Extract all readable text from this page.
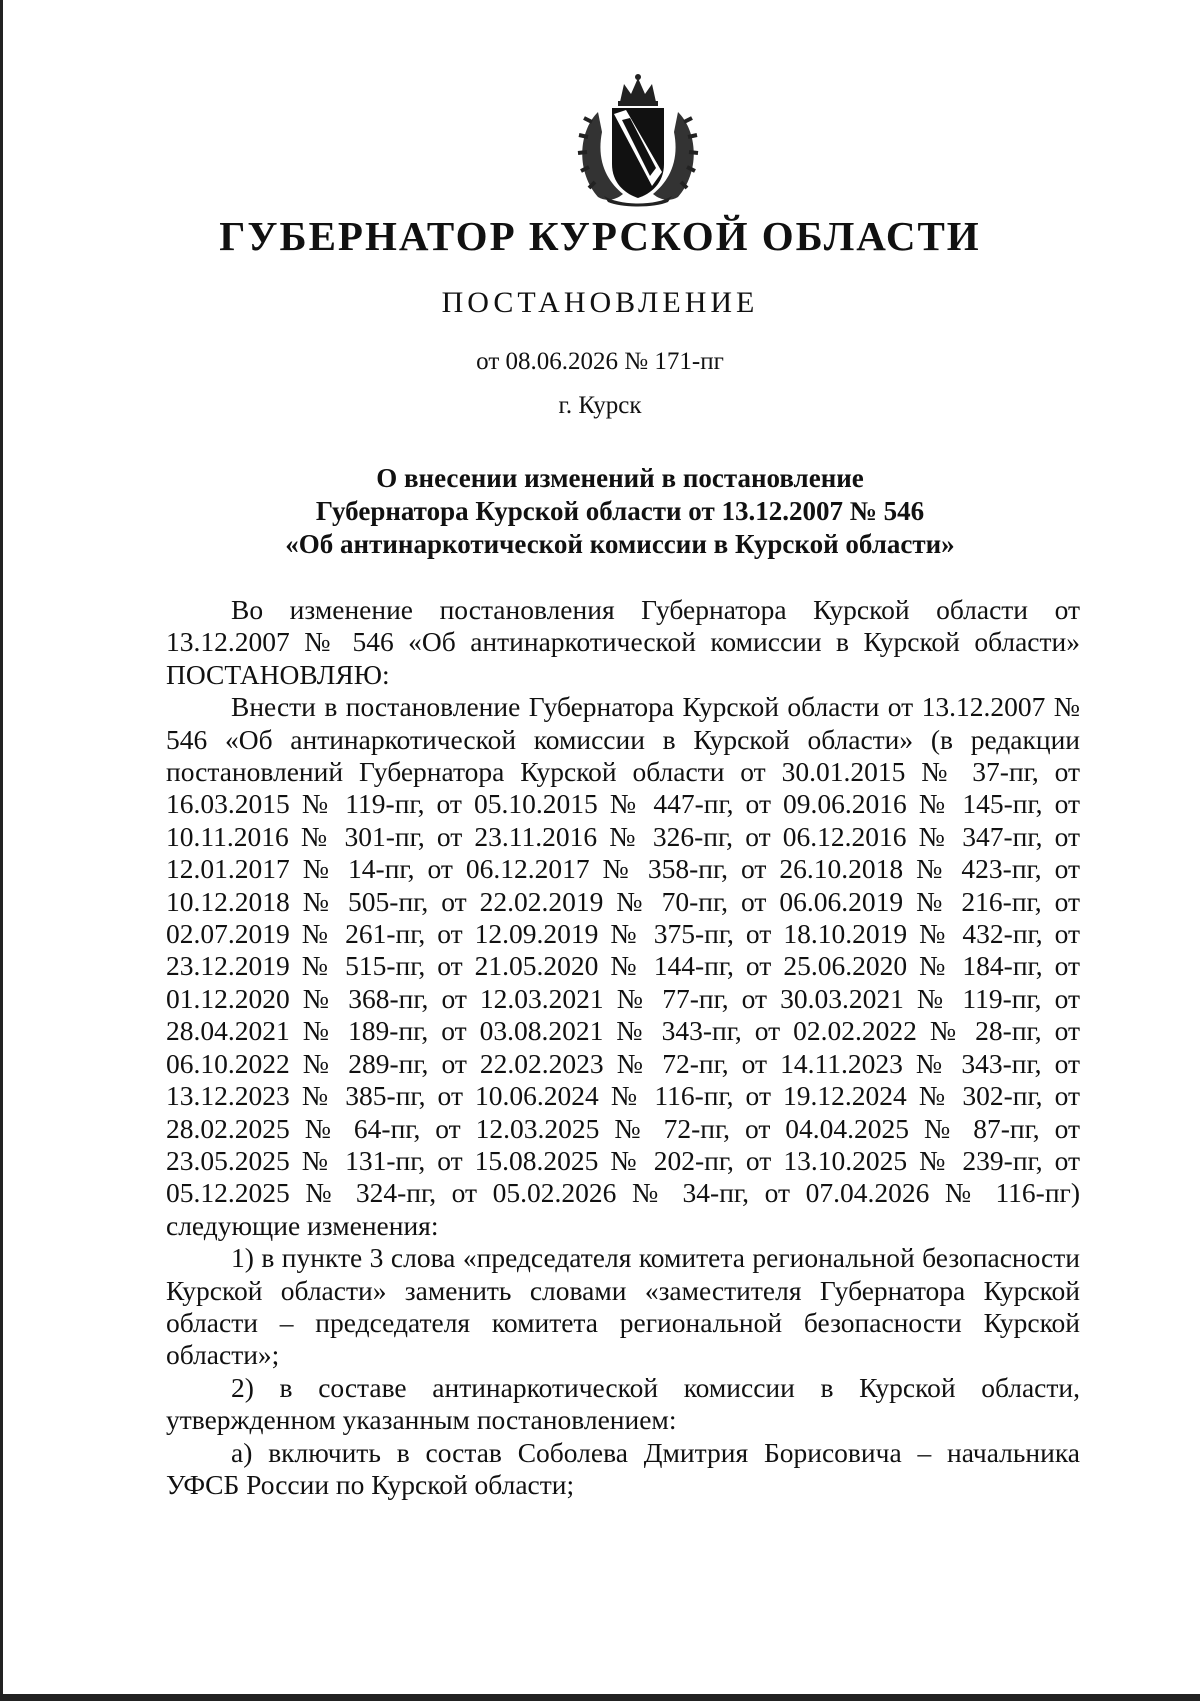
ГУБЕРНАТОР КУРСКОЙ ОБЛАСТИ
ПОСТАНОВЛЕНИЕ
от 08.06.2026 № 171-пг
г. Курск
О внесении изменений в постановление
Губернатора Курской области от 13.12.2007 № 546
«Об антинаркотической комиссии в Курской области»

Во изменение постановления Губернатора Курской области от 13.12.2007 № 546 «Об антинаркотической комиссии в Курской области» ПОСТАНОВЛЯЮ:

Внести в постановление Губернатора Курской области от 13.12.2007 № 546 «Об антинаркотической комиссии в Курской области» (в редакции постановлений Губернатора Курской области от 30.01.2015 № 37-пг, от 16.03.2015 № 119-пг, от 05.10.2015 № 447-пг, от 09.06.2016 № 145-пг, от 10.11.2016 № 301-пг, от 23.11.2016 № 326-пг, от 06.12.2016 № 347-пг, от 12.01.2017 № 14-пг, от 06.12.2017 № 358-пг, от 26.10.2018 № 423-пг, от 10.12.2018 № 505-пг, от 22.02.2019 № 70-пг, от 06.06.2019 № 216-пг, от 02.07.2019 № 261-пг, от 12.09.2019 № 375-пг, от 18.10.2019 № 432-пг, от 23.12.2019 № 515-пг, от 21.05.2020 № 144-пг, от 25.06.2020 № 184-пг, от 01.12.2020 № 368-пг, от 12.03.2021 № 77-пг, от 30.03.2021 № 119-пг, от 28.04.2021 № 189-пг, от 03.08.2021 № 343-пг, от 02.02.2022 № 28-пг, от 06.10.2022 № 289-пг, от 22.02.2023 № 72-пг, от 14.11.2023 № 343-пг, от 13.12.2023 № 385-пг, от 10.06.2024 № 116-пг, от 19.12.2024 № 302-пг, от 28.02.2025 № 64-пг, от 12.03.2025 № 72-пг, от 04.04.2025 № 87-пг, от 23.05.2025 № 131-пг, от 15.08.2025 № 202-пг, от 13.10.2025 № 239-пг, от 05.12.2025 № 324-пг, от 05.02.2026 № 34-пг, от 07.04.2026 № 116-пг) следующие изменения:

1) в пункте 3 слова «председателя комитета региональной безопасности Курской области» заменить словами «заместителя Губернатора Курской области – председателя комитета региональной безопасности Курской области»;

2) в составе антинаркотической комиссии в Курской области, утвержденном указанным постановлением:

а) включить в состав Соболева Дмитрия Борисовича – начальника УФСБ России по Курской области;
